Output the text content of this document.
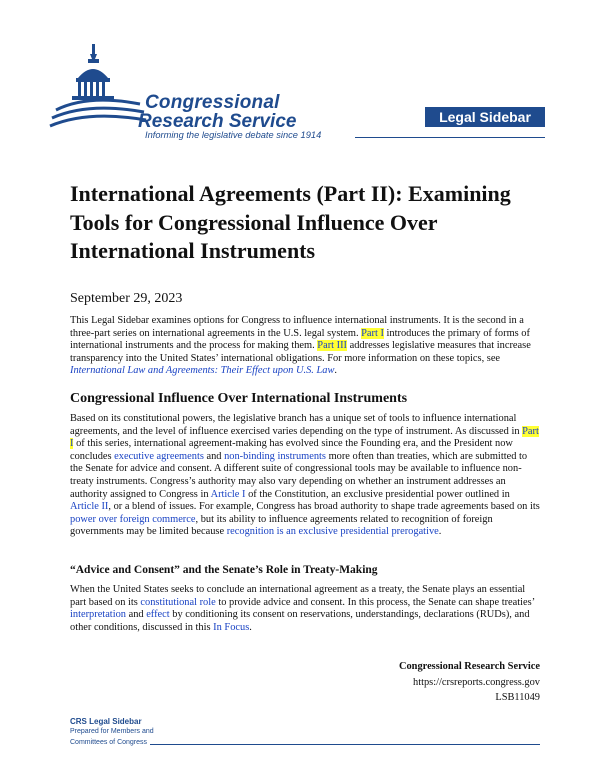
Congressional
Research Service
Informing the legislative debate since 1914
Legal Sidebar
International Agreements (Part II): Examining Tools for Congressional Influence Over International Instruments
September 29, 2023

This Legal Sidebar examines options for Congress to influence international instruments. It is the second in a three-part series on international agreements in the U.S. legal system. Part I introduces the primary of forms of international instruments and the process for making them. Part III addresses legislative measures that increase transparency into the United States’ international obligations. For more information on these topics, see International Law and Agreements: Their Effect upon U.S. Law.

Congressional Influence Over International Instruments

Based on its constitutional powers, the legislative branch has a unique set of tools to influence international agreements, and the level of influence exercised varies depending on the type of instrument. As discussed in Part I of this series, international agreement-making has evolved since the Founding era, and the President now concludes executive agreements and non-binding instruments more often than treaties, which are submitted to the Senate for advice and consent. A different suite of congressional tools may be available to influence non-treaty instruments. Congress’s authority may also vary depending on whether an instrument addresses an authority assigned to Congress in Article I of the Constitution, an exclusive presidential power outlined in Article II, or a blend of issues. For example, Congress has broad authority to shape trade agreements based on its power over foreign commerce, but its ability to influence agreements related to recognition of foreign governments may be limited because recognition is an exclusive presidential prerogative.

“Advice and Consent” and the Senate’s Role in Treaty-Making

When the United States seeks to conclude an international agreement as a treaty, the Senate plays an essential part based on its constitutional role to provide advice and consent. In this process, the Senate can shape treaties’ interpretation and effect by conditioning its consent on reservations, understandings, declarations (RUDs), and other conditions, discussed in this In Focus.

Congressional Research Service
https://crsreports.congress.gov
LSB11049
CRS Legal Sidebar
Prepared for Members and
Committees of Congress
